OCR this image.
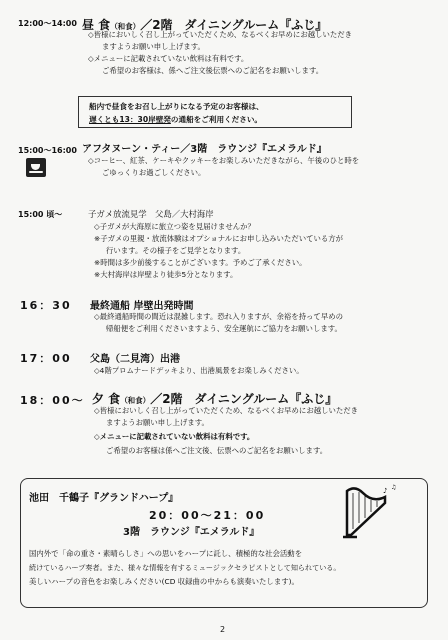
12:00～14:00 昼 食（和食）／2階　ダイニングルーム『ふじ』
◇皆様においしく召し上がっていただくため、なるべくお早めにお越しいただき
ますようお願い申し上げます。
◇メニューに記載されていない飲料は有料です。
ご希望のお客様は、係へご注文後伝票へのご記名をお願いします。
船内で昼食をお召し上がりになる予定のお客様は、
遅くとも13：30岸壁発の通船をご利用ください。
15:00～16:00 アフタヌーン・ティー／3階　ラウンジ『エメラルド』
◇コーヒー、紅茶、ケーキやクッキーをお楽しみいただきながら、午後のひと時を
ごゆっくりお過ごしください。
15:00 頃～	子ガメ放流見学　父島／大村海岸
◇子ガメが大海原に旅立つ姿を見届けませんか？
※子ガメの里親・放流体験はオプショナルにお申し込みいただいている方が
行います。その様子をご見学となります。
※時間は多少前後することがございます。予めご了承ください。
※大村海岸は岸壁より徒歩5分となります。
16：30 最終通船 岸壁出発時間
◇最終通船時間の間近は混雑します。恐れ入りますが、余裕を持って早めの
帰船便をご利用くださいますよう、安全運航にご協力をお願いします。
17：00 父島（二見湾）出港
◇4階プロムナードデッキより、出港風景をお楽しみください。
18：00～ 夕 食（和食）／2階　ダイニングルーム『ふじ』
◇皆様においしく召し上がっていただくため、なるべくお早めにお越しいただき
ますようお願い申し上げます。
◇メニューに記載されていない飲料は有料です。
ご希望のお客様は係へご注文後、伝票へのご記名をお願いします。
池田　千鶴子『グランドハープ』
20：00～21：00
3階　ラウンジ『エメラルド』
♪ ♫
国内外で「命の重さ・素晴らしさ」への思いをハープに託し、積極的な社会活動を
続けているハープ奏者。また、様々な情報を有するミュージックセラピストとして知られている。
美しいハープの音色をお楽しみください(CD 収録曲の中からも演奏いたします)。
2
